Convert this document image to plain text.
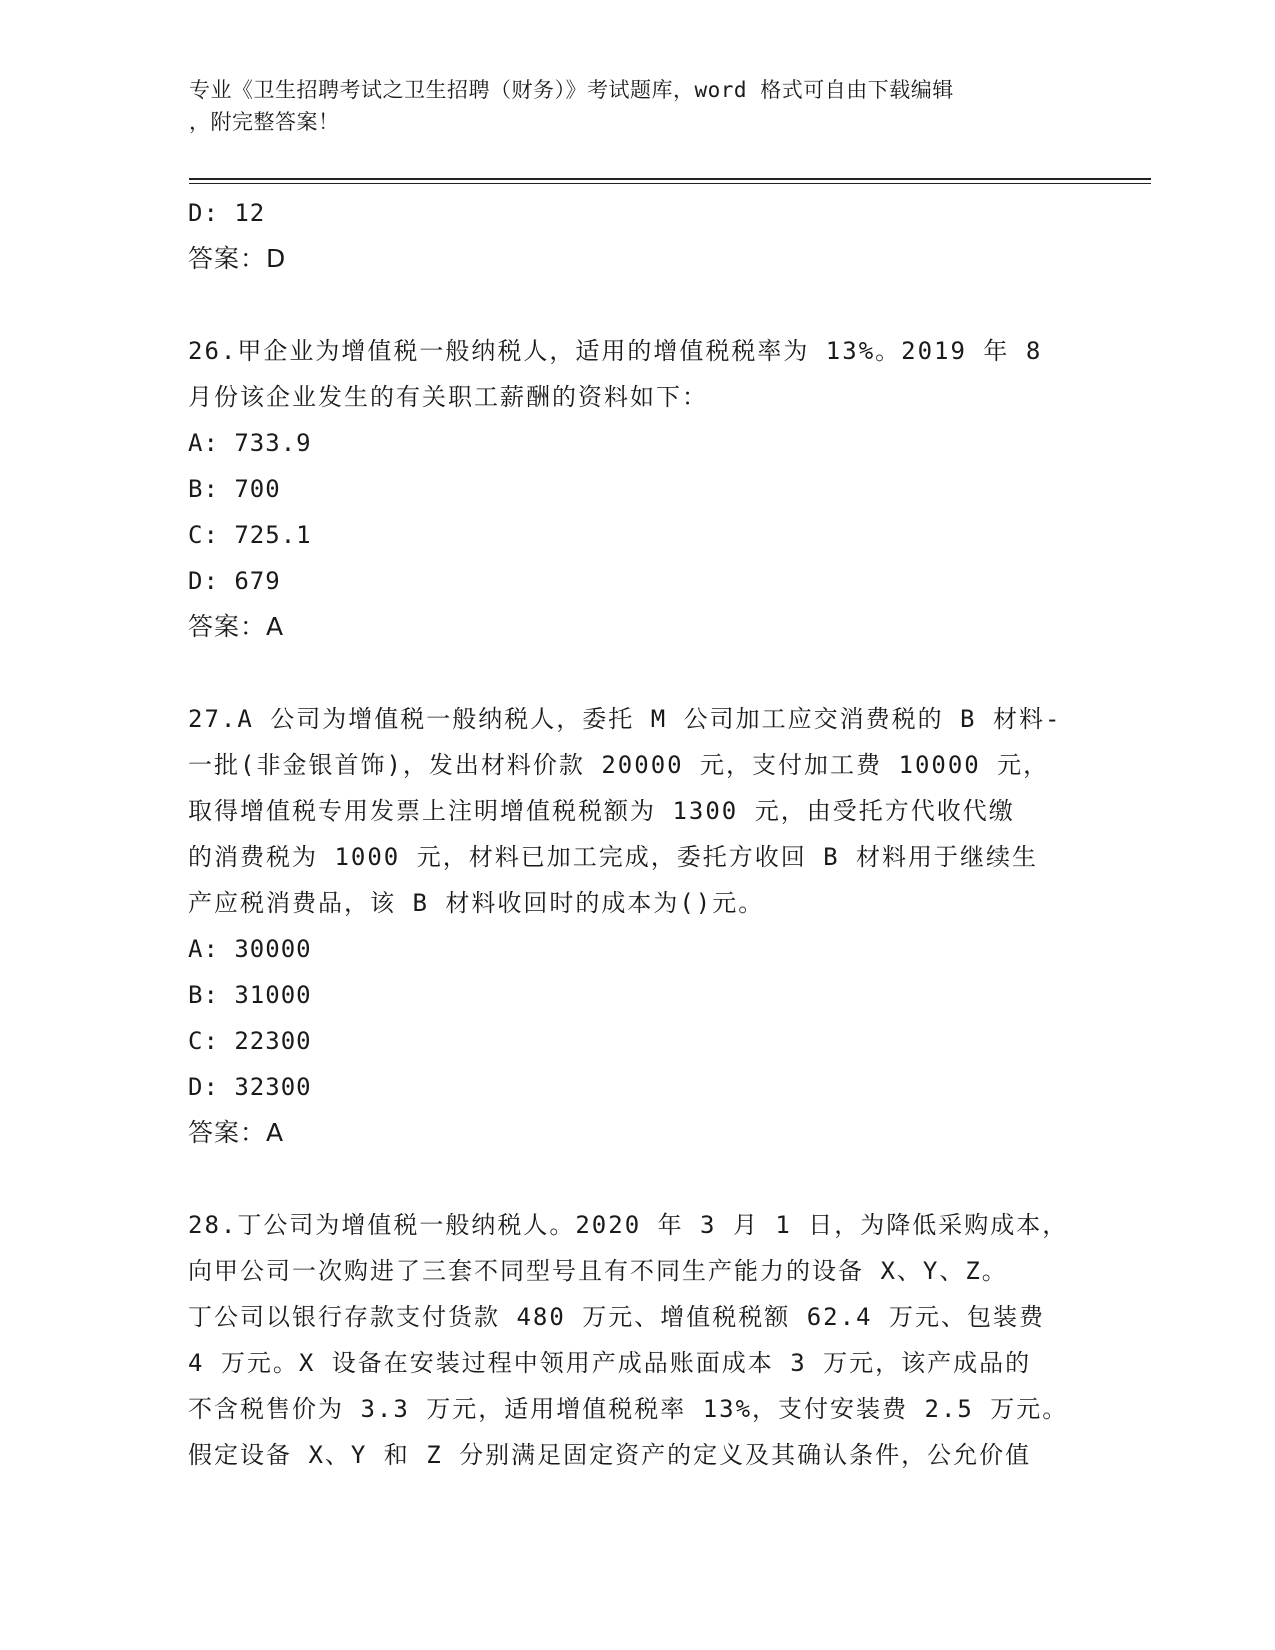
专业《卫生招聘考试之卫生招聘（财务）》考试题库，word 格式可自由下载编辑
，附完整答案！
D: 12
答案：D
26.甲企业为增值税一般纳税人，适用的增值税税率为 13%。2019 年 8
月份该企业发生的有关职工薪酬的资料如下：
A: 733.9
B: 700
C: 725.1
D: 679
答案：A
27.A 公司为增值税一般纳税人，委托 M 公司加工应交消费税的 B 材料-
一批(非金银首饰)，发出材料价款 20000 元，支付加工费 10000 元，
取得增值税专用发票上注明增值税税额为 1300 元，由受托方代收代缴
的消费税为 1000 元，材料已加工完成，委托方收回 B 材料用于继续生
产应税消费品，该 B 材料收回时的成本为()元。
A: 30000
B: 31000
C: 22300
D: 32300
答案：A
28.丁公司为增值税一般纳税人。2020 年 3 月 1 日，为降低采购成本，
向甲公司一次购进了三套不同型号且有不同生产能力的设备 X、Y、Z。
丁公司以银行存款支付货款 480 万元、增值税税额 62.4 万元、包装费
4 万元。X 设备在安装过程中领用产成品账面成本 3 万元，该产成品的
不含税售价为 3.3 万元，适用增值税税率 13%，支付安装费 2.5 万元。
假定设备 X、Y 和 Z 分别满足固定资产的定义及其确认条件，公允价值
